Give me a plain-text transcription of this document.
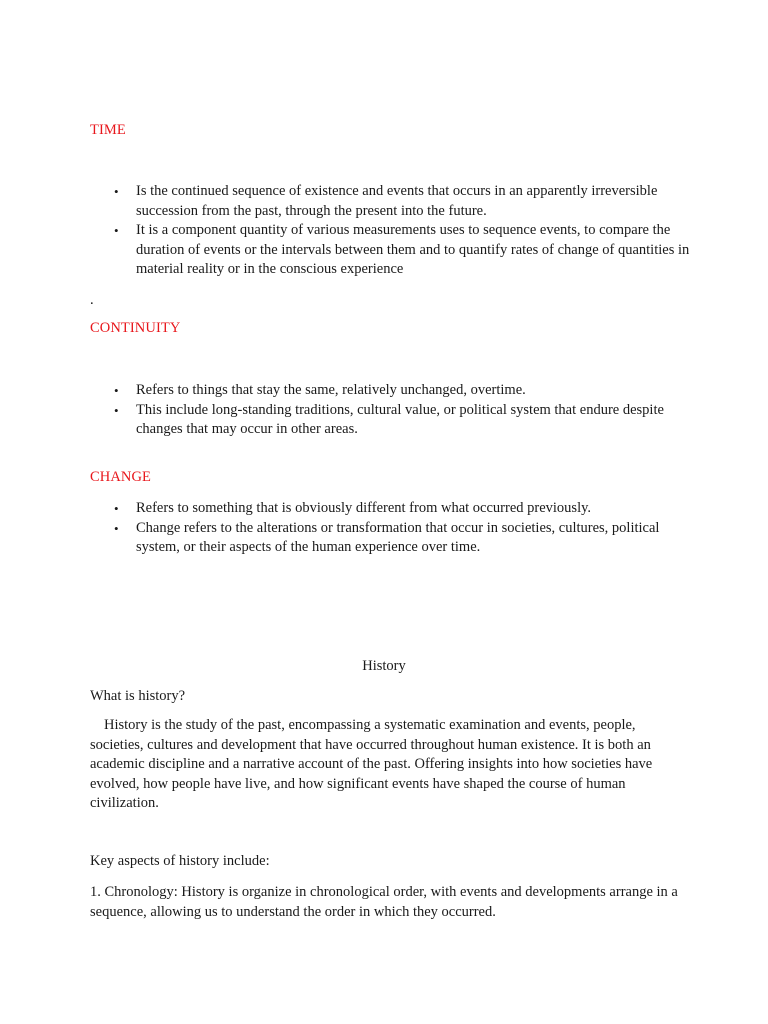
TIME
• Is the continued sequence of existence and events that occurs in an apparently irreversible succession from the past, through the present into the future.
• It is a component quantity of various measurements uses to sequence events, to compare the duration of events or the intervals between them and to quantify rates of change of quantities in material reality or in the conscious experience
.
CONTINUITY
• Refers to things that stay the same, relatively unchanged, overtime.
• This include long-standing traditions, cultural value, or political system that endure despite changes that may occur in other areas.
CHANGE
• Refers to something that is obviously different from what occurred previously.
• Change refers to the alterations or transformation that occur in societies, cultures, political system, or their aspects of the human experience over time.
History
What is history?
History is the study of the past, encompassing a systematic examination and events, people, societies, cultures and development that have occurred throughout human existence. It is both an academic discipline and a narrative account of the past. Offering insights into how societies have evolved, how people have live, and how significant events have shaped the course of human civilization.
Key aspects of history include:
1. Chronology: History is organize in chronological order, with events and developments arrange in a sequence, allowing us to understand the order in which they occurred.
